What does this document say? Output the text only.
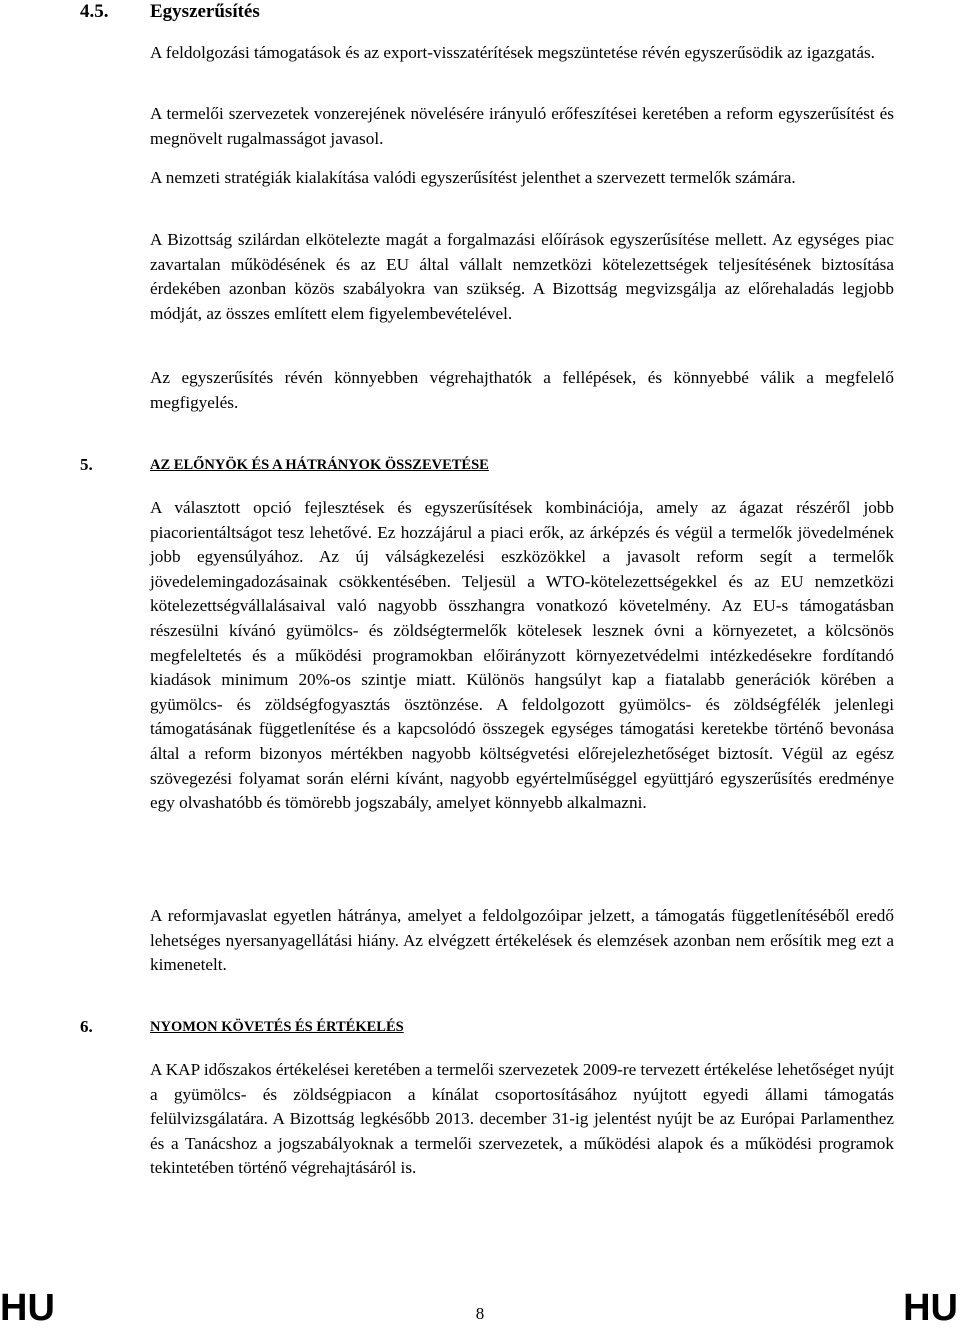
4.5. Egyszerűsítés

A feldolgozási támogatások és az export-visszatérítések megszüntetése révén egyszerűsödik az igazgatás.

A termelői szervezetek vonzerejének növelésére irányuló erőfeszítései keretében a reform egyszerűsítést és megnövelt rugalmasságot javasol.

A nemzeti stratégiák kialakítása valódi egyszerűsítést jelenthet a szervezett termelők számára.

A Bizottság szilárdan elkötelezte magát a forgalmazási előírások egyszerűsítése mellett. Az egységes piac zavartalan működésének és az EU által vállalt nemzetközi kötelezettségek teljesítésének biztosítása érdekében azonban közös szabályokra van szükség. A Bizottság megvizsgálja az előrehaladás legjobb módját, az összes említett elem figyelembevételével.

Az egyszerűsítés révén könnyebben végrehajthatók a fellépések, és könnyebbé válik a megfelelő megfigyelés.

5.	AZ ELŐNYÖK ÉS A HÁTRÁNYOK ÖSSZEVETÉSE

A választott opció fejlesztések és egyszerűsítések kombinációja, amely az ágazat részéről jobb piacorientáltságot tesz lehetővé. Ez hozzájárul a piaci erők, az árképzés és végül a termelők jövedelmének jobb egyensúlyához. Az új válságkezelési eszközökkel a javasolt reform segít a termelők jövedelemingadozásainak csökkentésében. Teljesül a WTO-kötelezettségekkel és az EU nemzetközi kötelezettségvállalásaival való nagyobb összhangra vonatkozó követelmény. Az EU-s támogatásban részesülni kívánó gyümölcs- és zöldségtermelők kötelesek lesznek óvni a környezetet, a kölcsönös megfeleltetés és a működési programokban előirányzott környezetvédelmi intézkedésekre fordítandó kiadások minimum 20%-os szintje miatt. Különös hangsúlyt kap a fiatalabb generációk körében a gyümölcs- és zöldségfogyasztás ösztönzése. A feldolgozott gyümölcs- és zöldségfélék jelenlegi támogatásának függetlenítése és a kapcsolódó összegek egységes támogatási keretekbe történő bevonása által a reform bizonyos mértékben nagyobb költségvetési előrejelezhetőséget biztosít. Végül az egész szövegezési folyamat során elérni kívánt, nagyobb egyértelműséggel együttjáró egyszerűsítés eredménye egy olvashatóbb és tömörebb jogszabály, amelyet könnyebb alkalmazni.

A reformjavaslat egyetlen hátránya, amelyet a feldolgozóipar jelzett, a támogatás függetlenítéséből eredő lehetséges nyersanyagellátási hiány. Az elvégzett értékelések és elemzések azonban nem erősítik meg ezt a kimenetelt.

6.	NYOMON KÖVETÉS ÉS ÉRTÉKELÉS

A KAP időszakos értékelései keretében a termelői szervezetek 2009-re tervezett értékelése lehetőséget nyújt a gyümölcs- és zöldségpiacon a kínálat csoportosításához nyújtott egyedi állami támogatás felülvizsgálatára. A Bizottság legkésőbb 2013. december 31-ig jelentést nyújt be az Európai Parlamenthez és a Tanácshoz a jogszabályoknak a termelői szervezetek, a működési alapok és a működési programok tekintetében történő végrehajtásáról is.

HU	8	HU
